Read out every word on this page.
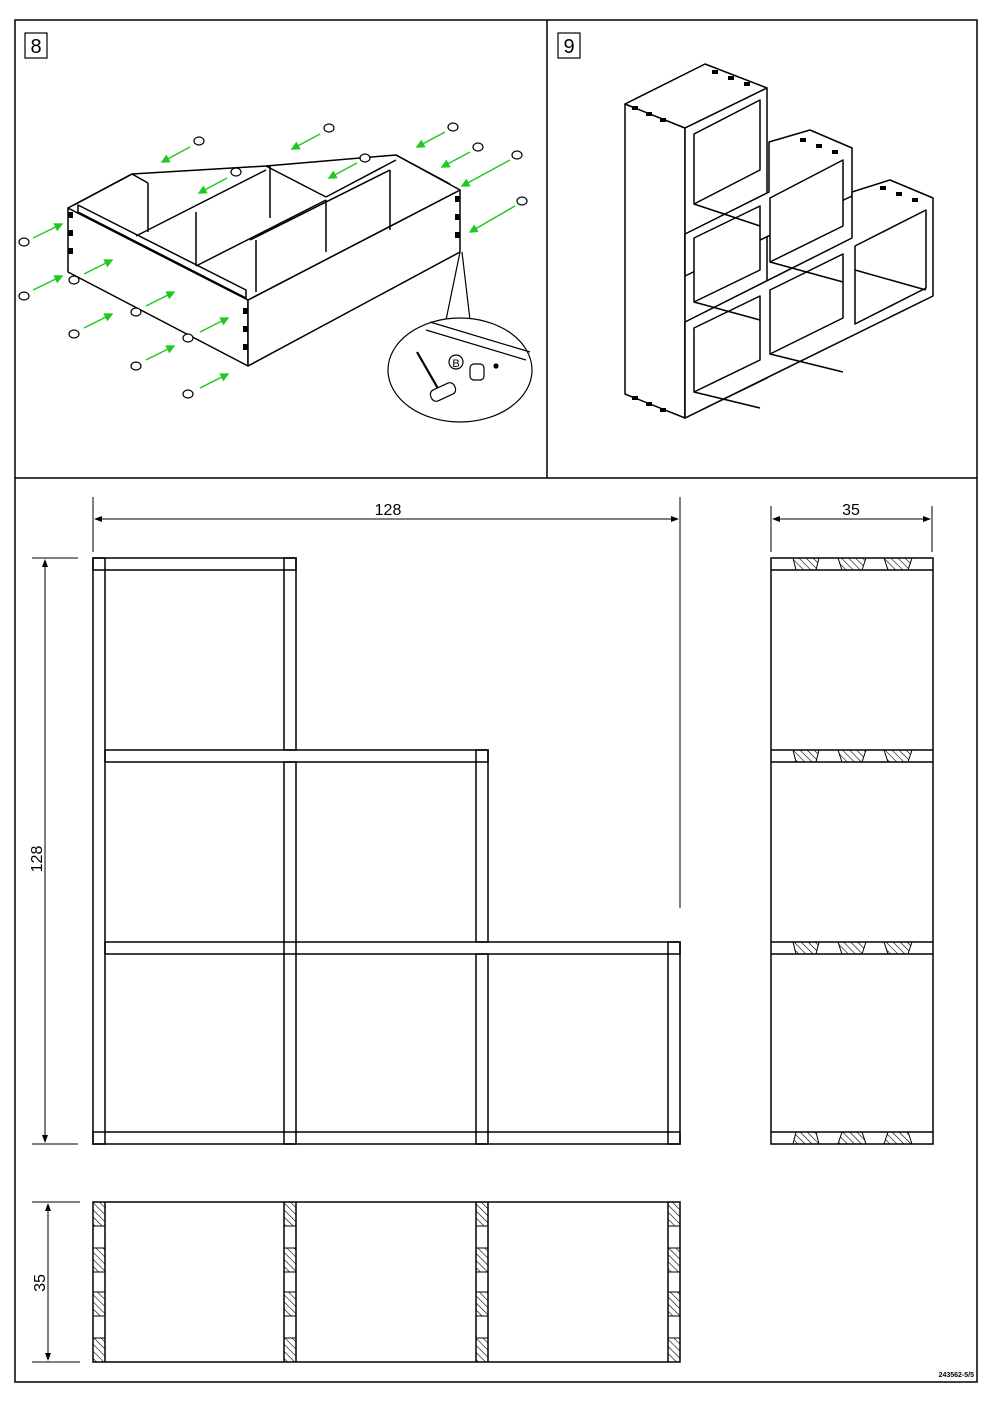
8
B
9
128
128
35
35
243562-5/5
